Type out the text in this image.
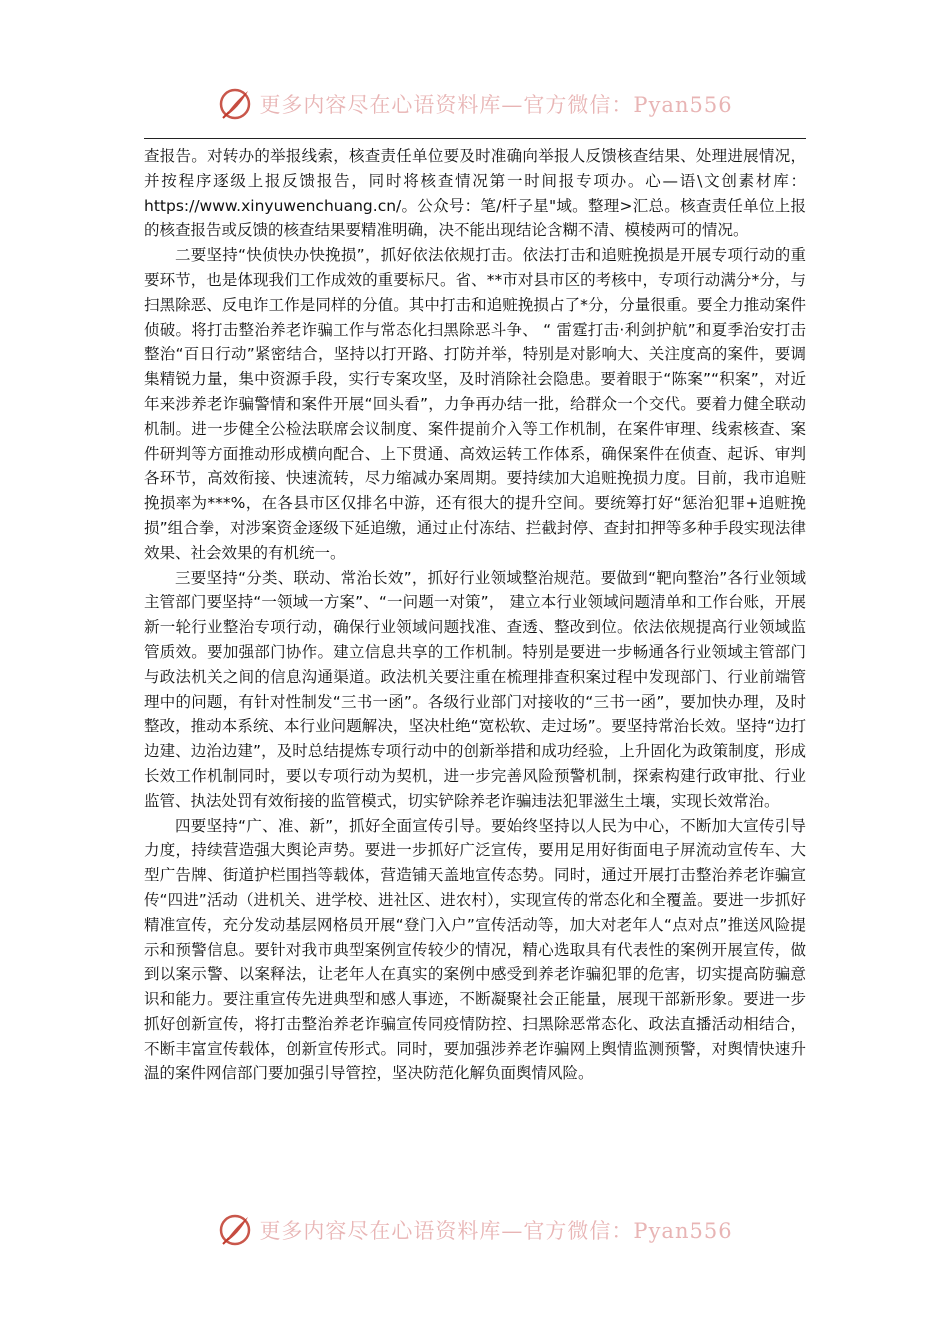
更多内容尽在心语资料库—官方微信：Pyan556

查报告。对转办的举报线索，核查责任单位要及时准确向举报人反馈核查结果、处理进展情况，并按程序逐级上报反馈报告，同时将核查情况第一时间报专项办。心—语\文创素材库：https://www.xinyuwenchuang.cn/。公众号：笔/杆子星"域。整理>汇总。核查责任单位上报的核查报告或反馈的核查结果要精准明确，决不能出现结论含糊不清、模棱两可的情况。

二要坚持“快侦快办快挽损”，抓好依法依规打击。依法打击和追赃挽损是开展专项行动的重要环节，也是体现我们工作成效的重要标尺。省、**市对县市区的考核中，专项行动满分*分，与扫黑除恶、反电诈工作是同样的分值。其中打击和追赃挽损占了*分，分量很重。要全力推动案件侦破。将打击整治养老诈骗工作与常态化扫黑除恶斗争、 “ 雷霆打击·利剑护航”和夏季治安打击整治“百日行动”紧密结合，坚持以打开路、打防并举，特别是对影响大、关注度高的案件，要调集精锐力量，集中资源手段，实行专案攻坚，及时消除社会隐患。要着眼于“陈案”“积案”，对近年来涉养老诈骗警情和案件开展“回头看”，力争再办结一批，给群众一个交代。要着力健全联动机制。进一步健全公检法联席会议制度、案件提前介入等工作机制，在案件审理、线索核查、案件研判等方面推动形成横向配合、上下贯通、高效运转工作体系，确保案件在侦查、起诉、审判各环节，高效衔接、快速流转，尽力缩减办案周期。要持续加大追赃挽损力度。目前，我市追赃挽损率为***%，在各县市区仅排名中游，还有很大的提升空间。要统筹打好“惩治犯罪+追赃挽损”组合拳，对涉案资金逐级下延追缴，通过止付冻结、拦截封停、查封扣押等多种手段实现法律效果、社会效果的有机统一。

三要坚持“分类、联动、常治长效”，抓好行业领域整治规范。要做到“靶向整治”各行业领域主管部门要坚持“一领域一方案”、“一问题一对策”， 建立本行业领域问题清单和工作台账，开展新一轮行业整治专项行动，确保行业领域问题找准、查透、整改到位。依法依规提高行业领域监管质效。要加强部门协作。建立信息共享的工作机制。特别是要进一步畅通各行业领域主管部门与政法机关之间的信息沟通渠道。政法机关要注重在梳理排查积案过程中发现部门、行业前端管理中的问题，有针对性制发“三书一函”。各级行业部门对接收的“三书一函”，要加快办理，及时整改，推动本系统、本行业问题解决，坚决杜绝“宽松软、走过场”。要坚持常治长效。坚持“边打边建、边治边建”，及时总结提炼专项行动中的创新举措和成功经验，上升固化为政策制度，形成长效工作机制同时，要以专项行动为契机，进一步完善风险预警机制，探索构建行政审批、行业监管、执法处罚有效衔接的监管模式，切实铲除养老诈骗违法犯罪滋生土壤，实现长效常治。

四要坚持“广、准、新”，抓好全面宣传引导。要始终坚持以人民为中心，不断加大宣传引导力度，持续营造强大舆论声势。要进一步抓好广泛宣传，要用足用好街面电子屏流动宣传车、大型广告牌、街道护栏围挡等载体，营造铺天盖地宣传态势。同时，通过开展打击整治养老诈骗宣传“四进”活动（进机关、进学校、进社区、进农村），实现宣传的常态化和全覆盖。要进一步抓好精准宣传，充分发动基层网格员开展“登门入户”宣传活动等，加大对老年人“点对点”推送风险提示和预警信息。要针对我市典型案例宣传较少的情况，精心选取具有代表性的案例开展宣传，做到以案示警、以案释法，让老年人在真实的案例中感受到养老诈骗犯罪的危害，切实提高防骗意识和能力。要注重宣传先进典型和感人事迹，不断凝聚社会正能量，展现干部新形象。要进一步抓好创新宣传，将打击整治养老诈骗宣传同疫情防控、扫黑除恶常态化、政法直播活动相结合，不断丰富宣传载体，创新宣传形式。同时，要加强涉养老诈骗网上舆情监测预警，对舆情快速升温的案件网信部门要加强引导管控，坚决防范化解负面舆情风险。

更多内容尽在心语资料库—官方微信：Pyan556
